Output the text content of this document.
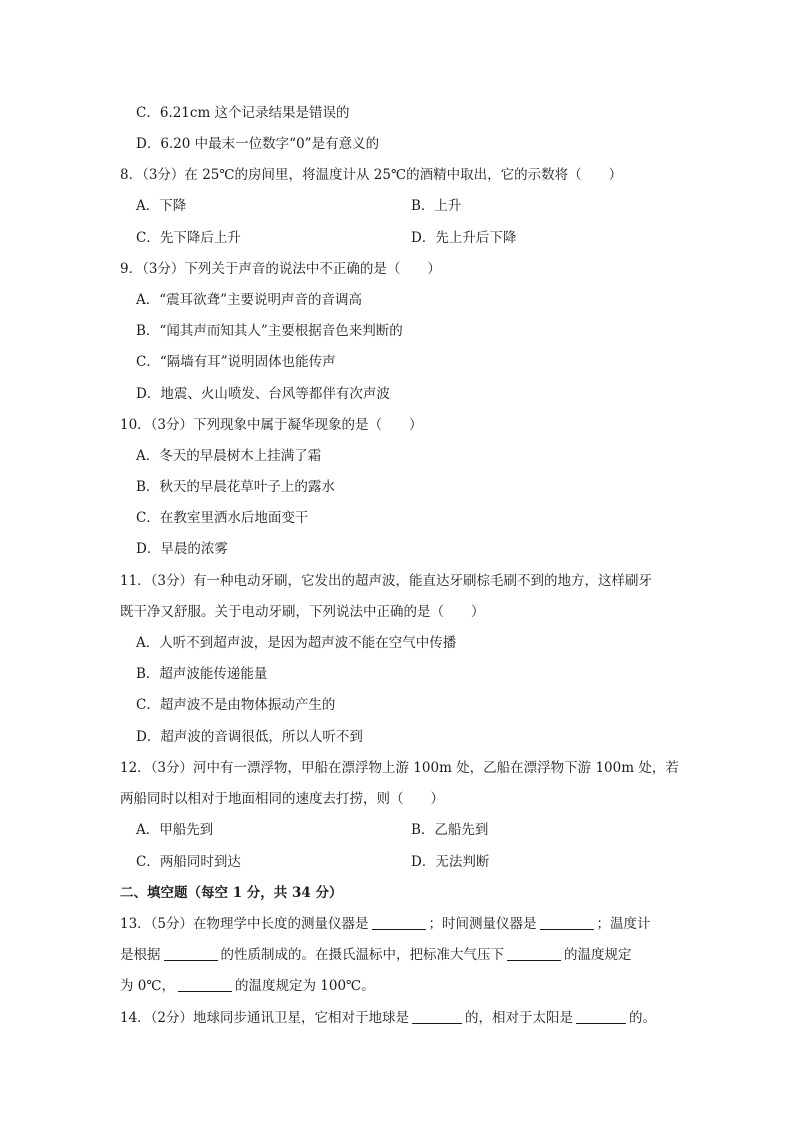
C．6.21cm 这个记录结果是错误的
D．6.20 中最末一位数字“0”是有意义的
8．（3分）在 25℃的房间里，将温度计从 25℃的酒精中取出，它的示数将（　　）
A．下降	B．上升
C．先下降后上升	D．先上升后下降
9．（3分）下列关于声音的说法中不正确的是（　　）
A．“震耳欲聋”主要说明声音的音调高
B．“闻其声而知其人”主要根据音色来判断的
C．“隔墙有耳”说明固体也能传声
D．地震、火山喷发、台风等都伴有次声波
10．（3分）下列现象中属于凝华现象的是（　　）
A．冬天的早晨树木上挂满了霜
B．秋天的早晨花草叶子上的露水
C．在教室里洒水后地面变干
D．早晨的浓雾
11．（3分）有一种电动牙刷，它发出的超声波，能直达牙刷棕毛刷不到的地方，这样刷牙
既干净又舒服。关于电动牙刷，下列说法中正确的是（　　）
A．人听不到超声波，是因为超声波不能在空气中传播
B．超声波能传递能量
C．超声波不是由物体振动产生的
D．超声波的音调很低，所以人听不到
12．（3分）河中有一漂浮物，甲船在漂浮物上游 100m 处，乙船在漂浮物下游 100m 处，若
两船同时以相对于地面相同的速度去打捞，则（　　）
A．甲船先到	B．乙船先到
C．两船同时到达	D．无法判断
二、填空题（每空 1 分，共 34 分）
13．（5分）在物理学中长度的测量仪器是	；时间测量仪器是	；温度计
是根据	的性质制成的。在摄氏温标中，把标准大气压下	的温度规定
为 0℃，	的温度规定为 100℃。
14．（2分）地球同步通讯卫星，它相对于地球是	的，相对于太阳是	的。
